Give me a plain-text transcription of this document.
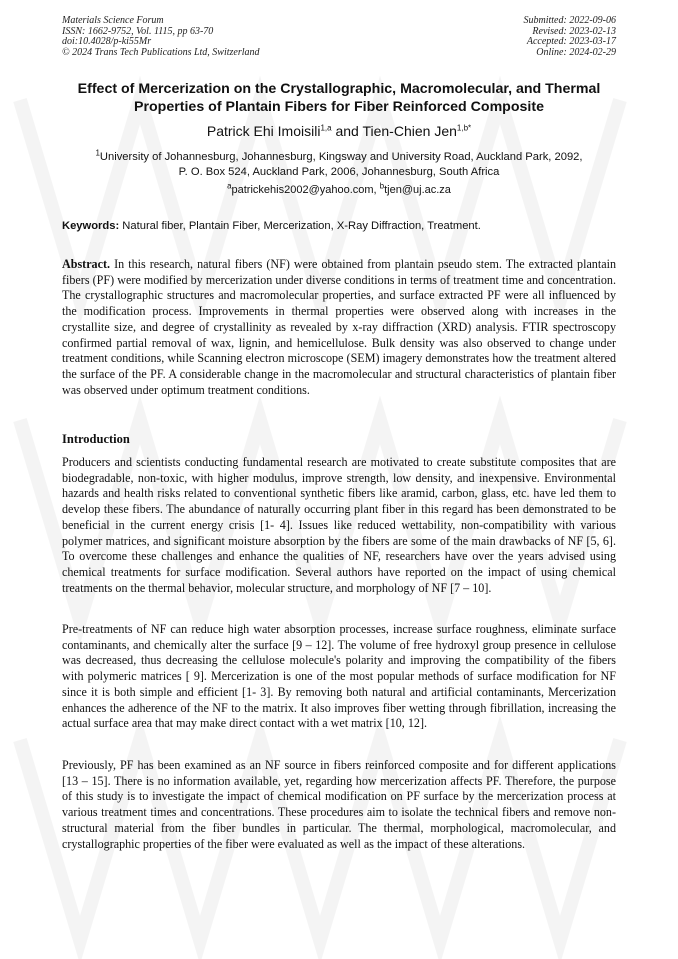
Materials Science Forum
ISSN: 1662-9752, Vol. 1115, pp 63-70
doi:10.4028/p-ki55Mr
© 2024 Trans Tech Publications Ltd, Switzerland
Submitted: 2022-09-06
Revised: 2023-02-13
Accepted: 2023-03-17
Online: 2024-02-29
Effect of Mercerization on the Crystallographic, Macromolecular, and Thermal Properties of Plantain Fibers for Fiber Reinforced Composite
Patrick Ehi Imoisili$^{1,a}$ and Tien-Chien Jen$^{1,b*}$
$^1$University of Johannesburg, Johannesburg, Kingsway and University Road, Auckland Park, 2092,
P. O. Box 524, Auckland Park, 2006, Johannesburg, South Africa
$^a$patrickehis2002@yahoo.com, $^b$tjen@uj.ac.za
Keywords: Natural fiber, Plantain Fiber, Mercerization, X-Ray Diffraction, Treatment.

Abstract. In this research, natural fibers (NF) were obtained from plantain pseudo stem. The extracted plantain fibers (PF) were modified by mercerization under diverse conditions in terms of treatment time and concentration. The crystallographic structures and macromolecular properties, and surface extracted PF were all influenced by the modification process. Improvements in thermal properties were observed along with increases in the crystallite size, and degree of crystallinity as revealed by x-ray diffraction (XRD) analysis. FTIR spectroscopy confirmed partial removal of wax, lignin, and hemicellulose. Bulk density was also observed to change under treatment conditions, while Scanning electron microscope (SEM) imagery demonstrates how the treatment altered the surface of the PF. A considerable change in the macromolecular and structural characteristics of plantain fiber was observed under optimum treatment conditions.

Introduction

Producers and scientists conducting fundamental research are motivated to create substitute composites that are biodegradable, non-toxic, with higher modulus, improve strength, low density, and inexpensive. Environmental hazards and health risks related to conventional synthetic fibers like aramid, carbon, glass, etc. have led them to develop these fibers. The abundance of naturally occurring plant fiber in this regard has been demonstrated to be beneficial in the current energy crisis [1- 4]. Issues like reduced wettability, non-compatibility with various polymer matrices, and significant moisture absorption by the fibers are some of the main drawbacks of NF [5, 6]. To overcome these challenges and enhance the qualities of NF, researchers have over the years advised using chemical treatments for surface modification. Several authors have reported on the impact of using chemical treatments on the thermal behavior, molecular structure, and morphology of NF [7 – 10].

Pre-treatments of NF can reduce high water absorption processes, increase surface roughness, eliminate surface contaminants, and chemically alter the surface [9 – 12]. The volume of free hydroxyl group presence in cellulose was decreased, thus decreasing the cellulose molecule's polarity and improving the compatibility of the fibers with polymeric matrices [ 9]. Mercerization is one of the most popular methods of surface modification for NF since it is both simple and efficient [1- 3]. By removing both natural and artificial contaminants, Mercerization enhances the adherence of the NF to the matrix. It also improves fiber wetting through fibrillation, increasing the actual surface area that may make direct contact with a wet matrix [10, 12].

Previously, PF has been examined as an NF source in fibers reinforced composite and for different applications [13 – 15]. There is no information available, yet, regarding how mercerization affects PF. Therefore, the purpose of this study is to investigate the impact of chemical modification on PF surface by the mercerization process at various treatment times and concentrations. These procedures aim to isolate the technical fibers and remove non-structural material from the fiber bundles in particular. The thermal, morphological, macromolecular, and crystallographic properties of the fiber were evaluated as well as the impact of these alterations.
